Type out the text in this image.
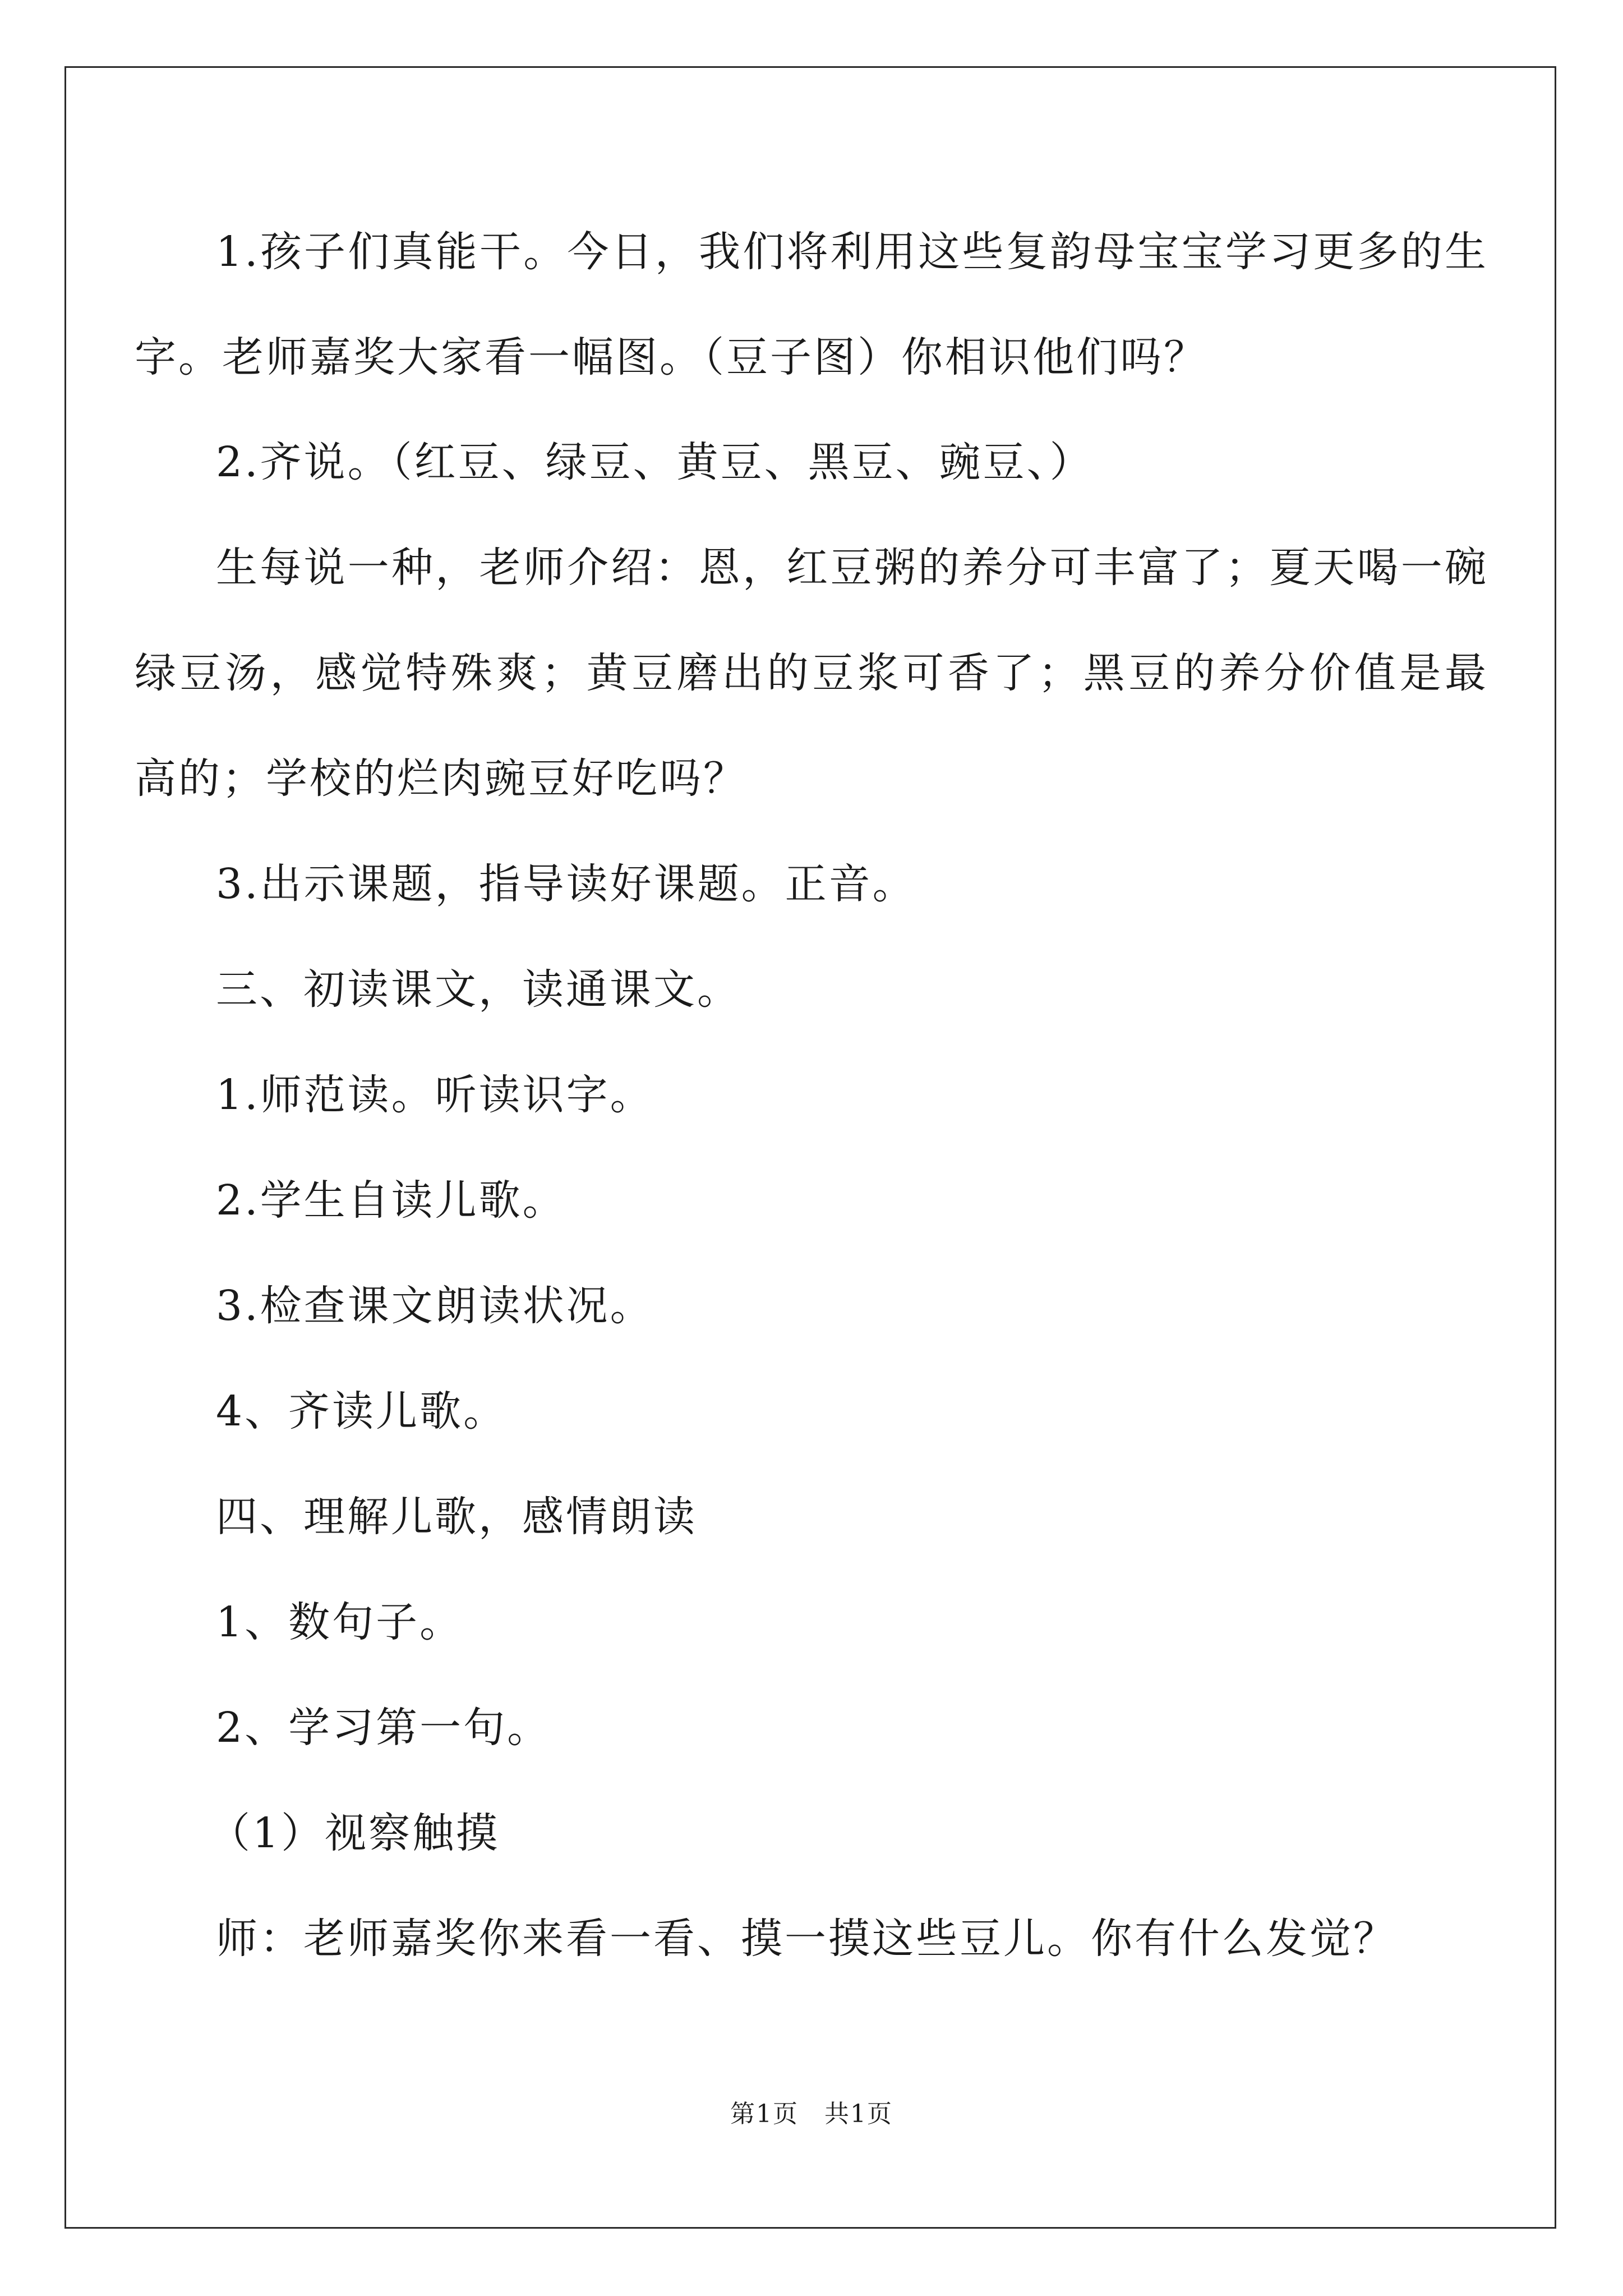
1.孩子们真能干。今日，我们将利用这些复韵母宝宝学习更多的生字。老师嘉奖大家看一幅图。（豆子图）你相识他们吗？
2.齐说。（红豆、绿豆、黄豆、黑豆、豌豆、）
生每说一种，老师介绍：恩，红豆粥的养分可丰富了；夏天喝一碗绿豆汤，感觉特殊爽；黄豆磨出的豆浆可香了；黑豆的养分价值是最高的；学校的烂肉豌豆好吃吗？
3.出示课题，指导读好课题。正音。
三、初读课文，读通课文。
1.师范读。听读识字。
2.学生自读儿歌。
3.检查课文朗读状况。
4、齐读儿歌。
四、理解儿歌，感情朗读
1、数句子。
2、学习第一句。
（1）视察触摸
师：老师嘉奖你来看一看、摸一摸这些豆儿。你有什么发觉？
第1页　共1页
